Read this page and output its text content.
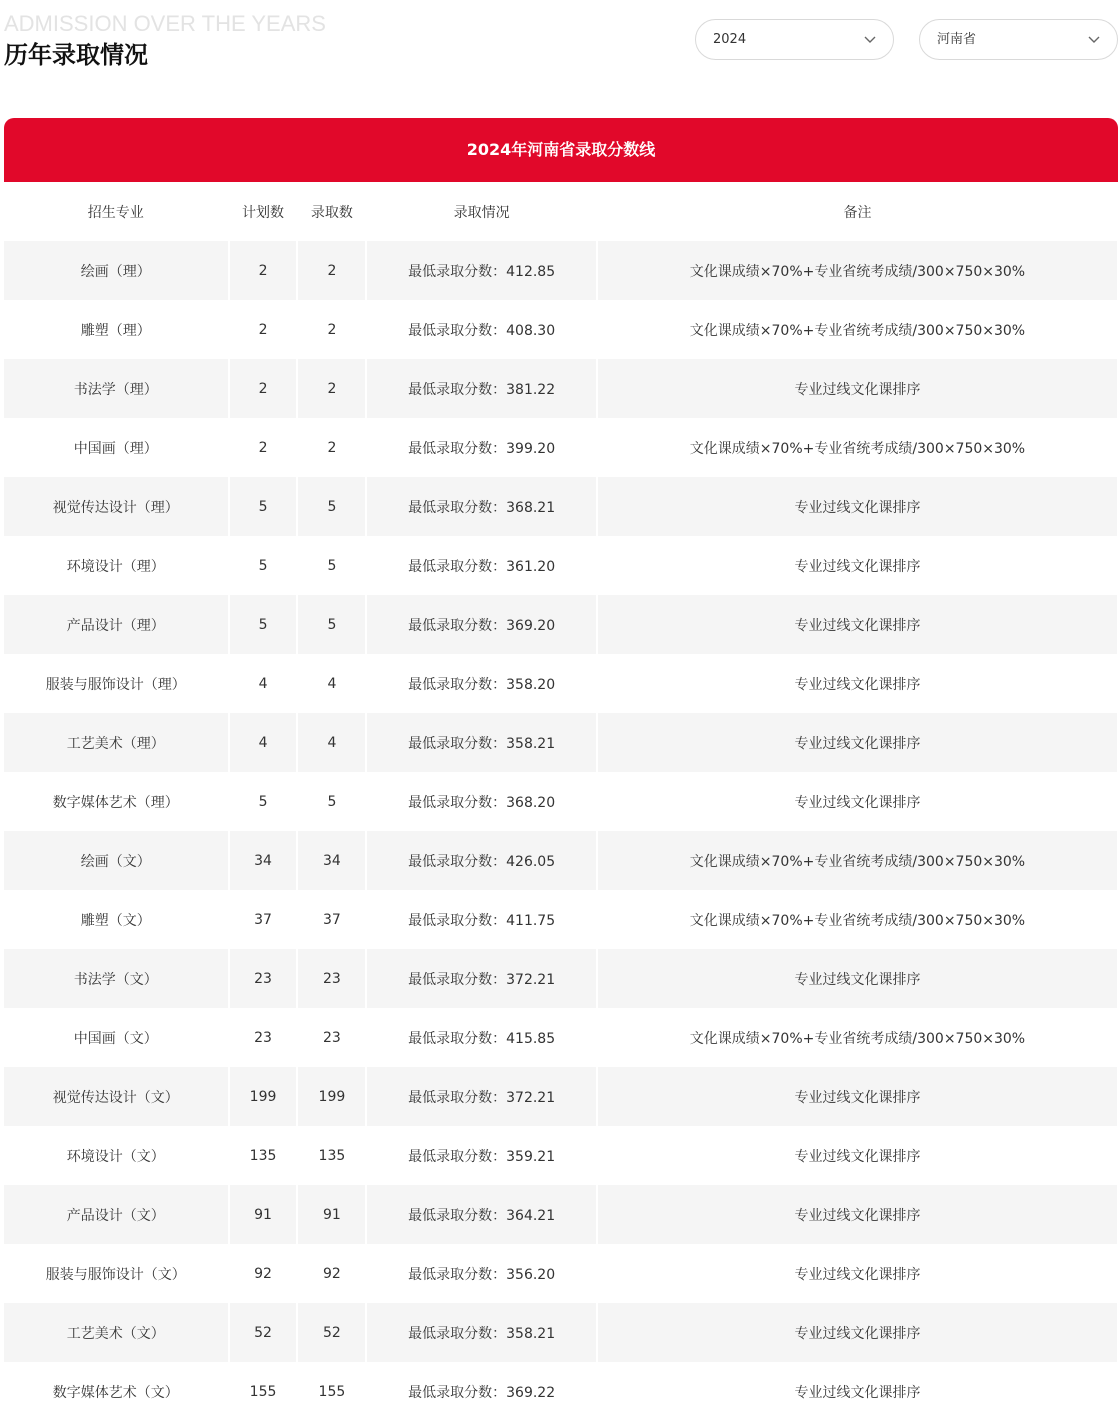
ADMISSION OVER THE YEARS
历年录取情况
2024	河南省
2024年河南省录取分数线
招生专业	计划数	录取数	录取情况	备注
绘画（理）	2	2	最低录取分数：412.85	文化课成绩×70%+专业省统考成绩/300×750×30%
雕塑（理）	2	2	最低录取分数：408.30	文化课成绩×70%+专业省统考成绩/300×750×30%
书法学（理）	2	2	最低录取分数：381.22	专业过线文化课排序
中国画（理）	2	2	最低录取分数：399.20	文化课成绩×70%+专业省统考成绩/300×750×30%
视觉传达设计（理）	5	5	最低录取分数：368.21	专业过线文化课排序
环境设计（理）	5	5	最低录取分数：361.20	专业过线文化课排序
产品设计（理）	5	5	最低录取分数：369.20	专业过线文化课排序
服装与服饰设计（理）	4	4	最低录取分数：358.20	专业过线文化课排序
工艺美术（理）	4	4	最低录取分数：358.21	专业过线文化课排序
数字媒体艺术（理）	5	5	最低录取分数：368.20	专业过线文化课排序
绘画（文）	34	34	最低录取分数：426.05	文化课成绩×70%+专业省统考成绩/300×750×30%
雕塑（文）	37	37	最低录取分数：411.75	文化课成绩×70%+专业省统考成绩/300×750×30%
书法学（文）	23	23	最低录取分数：372.21	专业过线文化课排序
中国画（文）	23	23	最低录取分数：415.85	文化课成绩×70%+专业省统考成绩/300×750×30%
视觉传达设计（文）	199	199	最低录取分数：372.21	专业过线文化课排序
环境设计（文）	135	135	最低录取分数：359.21	专业过线文化课排序
产品设计（文）	91	91	最低录取分数：364.21	专业过线文化课排序
服装与服饰设计（文）	92	92	最低录取分数：356.20	专业过线文化课排序
工艺美术（文）	52	52	最低录取分数：358.21	专业过线文化课排序
数字媒体艺术（文）	155	155	最低录取分数：369.22	专业过线文化课排序
